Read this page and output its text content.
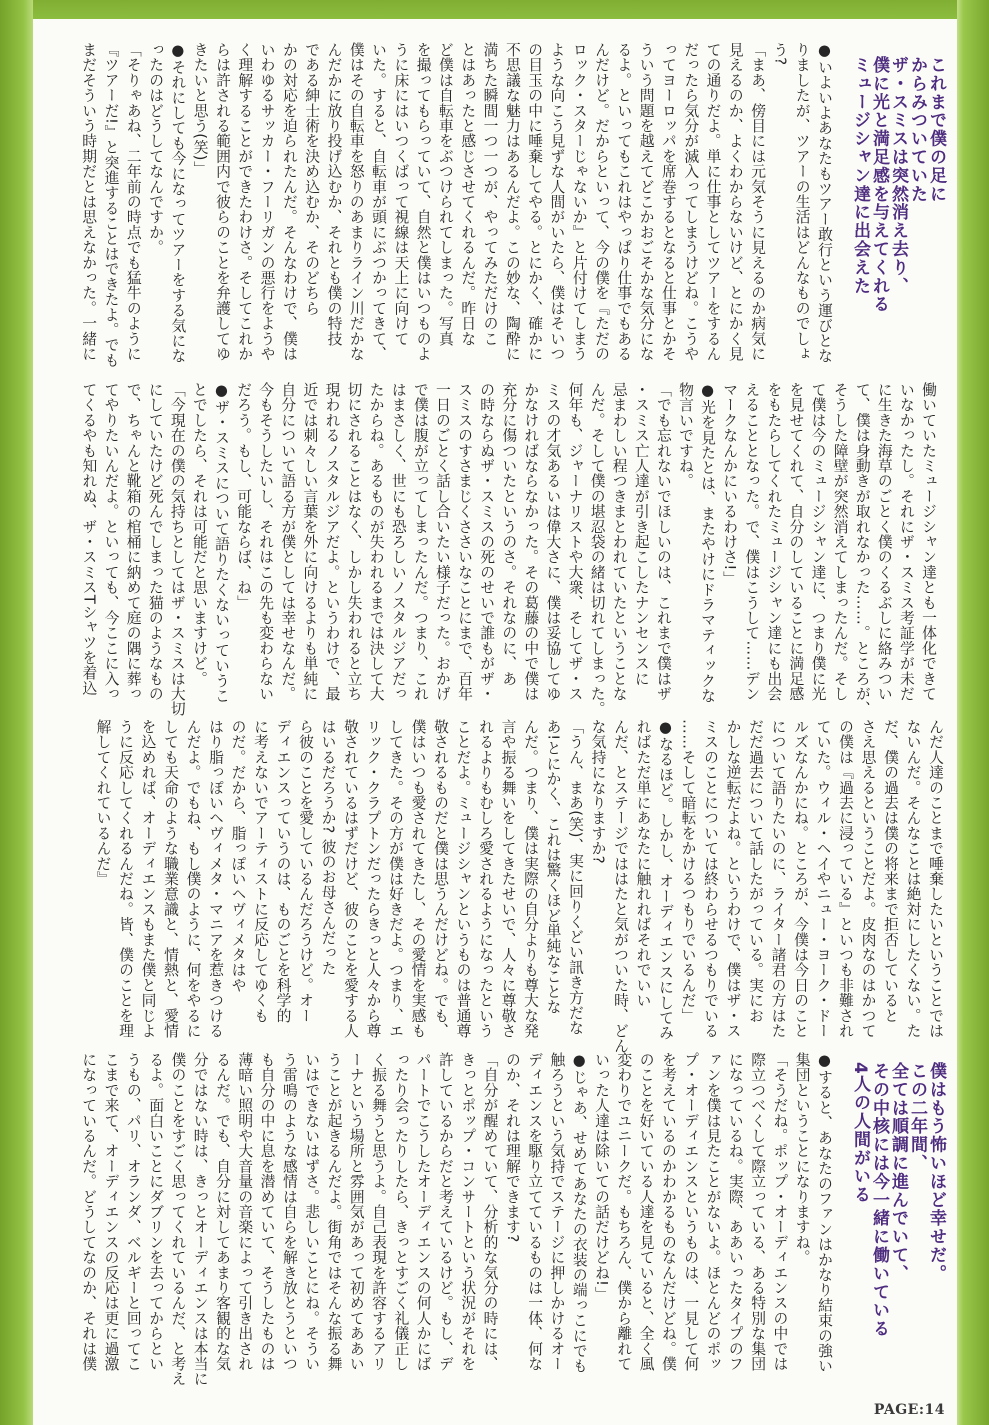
これまで僕の足に
からみついていた
ザ・スミスは突然消え去り、
僕に光と満足感を与えてくれる
ミュージシャン達に出会えた
●いよいよあなたもツアー敢行という運びとな
りましたが、ツアーの生活はどんなものでしょ
う?
「まあ、傍目には元気そうに見えるのか病気に
見えるのか、よくわからないけど、とにかく見
ての通りだよ。単に仕事としてツアーをするん
だったら気分が滅入ってしまうけどね。こうや
ってヨーロッパを席巻するとなると仕事とかそ
ういう問題を越えてどこかおごそかな気分にな
るよ。といってもこれはやっぱり仕事でもある
んだけど。だからといって、今の僕を『ただの
ロック・スターじゃないか』と片付けてしまう
ような向こう見ずな人間がいたら、僕はそいつ
の目玉の中に唾棄してやる。とにかく、確かに
不思議な魅力はあるんだよ。この妙な、陶酔に
満ちた瞬間一つ一つが、やってみただけのこ
とはあったと感じさせてくれるんだ。昨日な
ど僕は自転車をぶつけられてしまった。写真
を撮ってもらっていて、自然と僕はいつものよ
うに床にはいつくばって視線は天上に向けて
いた。すると、自転車が頭にぶつかってきて、
僕はその自転車を怒りのあまりライン川だかな
んだかに放り投げ込むか、それとも僕の特技
である紳士術を決め込むか、そのどちら
かの対応を迫られたんだ。そんなわけで、僕は
いわゆるサッカー・フーリガンの悪行をようや
く理解することができたわけさ。そしてこれか
らは許される範囲内で彼らのことを弁護してゆ
きたいと思う(笑)」
●それにしても今になってツアーをする気にな
ったのはどうしてなんですか。
「そりゃあね、二年前の時点でも猛牛のように
『ツアーだ!』と突進することはできたよ。でも
まだそういう時期だとは思えなかった。一緒に
働いていたミュージシャン達とも一体化できて
いなかったし。それにザ・スミス考証学が未だ
に生きた海草のごとく僕のくるぶしに絡みつい
て、僕は身動きが取れなかった……。ところが、
そうした障壁が突然消えてしまったんだ。そし
て僕は今のミュージシャン達に、つまり僕に光
を見せてくれて、自分のしていることに満足感
をもたらしてくれたミュージシャン達にも出会
えることとなった。で、僕はこうして……デン
マークなんかにいるわけさ!」
●光を見たとは、またやけにドラマティックな
物言いですね。
「でも忘れないでほしいのは、これまで僕はザ
・スミス亡人達が引き起こしたナンセンスに
忌まわしい程つきまとわれていたということな
んだ。そして僕の堪忍袋の緒は切れてしまった。
何年も、ジャーナリストや大衆、そしてザ・ス
ミスの才気あるいは偉大さに、僕は妥協してゆ
かなければならなかった。その葛藤の中で僕は
充分に傷ついたというのさ。それなのに、あ
の時ならぬザ・スミスの死のせいで誰もがザ・
スミスのすさまじくささいなことにまで、百年
一日のごとく話し合いたい様子だった。おかげ
で僕は腹が立ってしまったんだ。つまり、これ
はまさしく、世にも恐ろしいノスタルジアだっ
たからね。あるものが失われるまでは決して大
切にされることはなく、しかし失われると立ち
現われるノスタルジアだよ。というわけで、最
近では刺々しい言葉を外に向けるよりも単純に
自分について語る方が僕としては幸せなんだ。
今もそうしたいし、それはこの先も変わらない
だろう。もし、可能ならば、ね」
●ザ・スミスについて語りたくないっていうこ
とでしたら、それは可能だと思いますけど。
「今現在の僕の気持ちとしてはザ・スミスは大切
にしていたけど死んでしまった猫のようなもの
で、ちゃんと靴箱の棺桶に納めて庭の隅に葬っ
てやりたいんだよ。といっても、今ここに入っ
てくるやも知れぬ、ザ・スミスTシャツを着込
んだ人達のことまで唾棄したいということでは
ないんだ。そんなことは絶対にしたくない。た
だ、僕の過去は僕の将来まで拒否していると
さえ思えるということだよ。皮肉なのはかつて
の僕は『過去に浸っている』といつも非難され
ていた。ウィル・ヘイやニュー・ヨーク・ドー
ルズなんかにね。ところが、今僕は今日のこと
について語りたいのに、ライター諸君の方はた
だだ過去について話したがっている。実にお
かしな逆転だよね。というわけで、僕はザ・ス
ミスのことについては終わらせるつもりでいる
……そして暗転をかけるつもりでいるんだ」
●なるほど。しかし、オーディエンスにしてみ
ればただ単にあなたに触れればそれでいい
んだ、とステージでははたと気がついた時、どん
な気持になりますか?
「うん、まあ(笑)、実に回りくどい訊き方だな
あ!とにかく、これは驚くほど単純なことな
んだ。つまり、僕は実際の自分よりも尊大な発
言や振る舞いをしてきたせいで、人々に尊敬さ
れるよりもむしろ愛されるようになったという
ことだよ。ミュージシャンというものは普通尊
敬されるものだと僕は思うんだけどね。でも、
僕はいつも愛されてきたし、その愛情を実感も
してきた。その方が僕は好きだよ。つまり、エ
リック・クラプトンだったらきっと人々から尊
敬されているはずだけど、彼のことを愛する人
はいるだろうか? 彼のお母さんだった
ら彼のことを愛しているんだろうけど。オー
ディエンスっていうのは、ものごとを科学的
に考えないでアーティストに反応してゆくも
のだ。だから、脂っぽいヘヴィメタはや
はり脂っぽいヘヴィメタ・マニアを惹きつける
んだよ。でもね、もし僕のように、何をやるに
しても天命のような職業意識と、情熱と、愛情
を込めれば、オーディエンスもまた僕と同じよ
うに反応してくれるんだね。皆、僕のことを理
解してくれているんだ』
僕はもう怖いほど幸せだ。
この二年間、
全ては順調に進んでいて、
その中核には今一緒に働いている
4人の人間がいる
●すると、あなたのファンはかなり結束の強い
集団ということになりますね。
「そうだね。ポップ・オーディエンスの中では
際立つべくして際立っている、ある特別な集団
になっているね。実際、ああいったタイプのフ
ァンを僕は見たことがないよ。ほとんどのポッ
プ・オーディエンスというものは、一見して何
を考えているのかわかるものなんだけどね。僕
のことを好いている人達を見ていると、全く風
変わりでユニークだ。もちろん、僕から離れて
いった人達は除いての話だけどね!」
●じゃあ、せめてあなたの衣装の端っこにでも
触ろうという気持でステージに押しかけるオー
ディエンスを駆り立てているものは一体、何な
のか、それは理解できます?
「自分が醒めていて、分析的な気分の時には、
きっとポップ・コンサートという状況がそれを
許しているからだと考えているけど。もし、デ
パートでこうしたオーディエンスの何人かにば
ったり会ったりしたら、きっとすごく礼儀正し
く振る舞うと思うよ。自己表現を許容するアリ
ーナという場所と雰囲気があって初めてああい
うことが起きるんだよ。街角ではそんな振る舞
いはできないはずさ。悲しいことにね。そうい
う雷鳴のような感情は自らを解き放とうといつ
も自分の中に息を潜めていて、そうしたものは
薄暗い照明や大音量の音楽によって引き出され
るんだ。でも、自分に対してあまり客観的な気
分ではない時は、きっとオーディエンスは本当に
僕のことをすごく思ってくれているんだ、と考え
るよ。面白いことにダブリンを去ってからとい
うもの、パリ、オランダ、ベルギーと回ってこ
こまで来て、オーディエンスの反応は更に過激
になっているんだ。どうしてなのか、それは僕
PAGE:14
